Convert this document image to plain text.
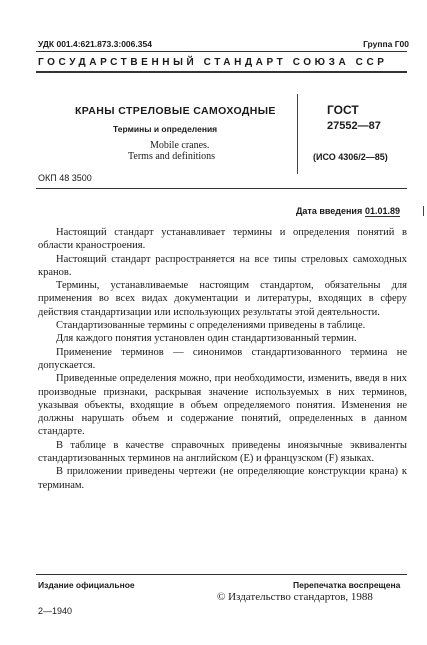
УДК 001.4:621.873.3:006.354	Группа Г00
ГОСУДАРСТВЕННЫЙ СТАНДАРТ СОЮЗА ССР
КРАНЫ СТРЕЛОВЫЕ САМОХОДНЫЕ
Термины и определения
Mobile cranes.
Terms and definitions
ГОСТ
27552—87
(ИСО 4306/2—85)
ОКП 48 3500
Дата введения 01.01.89

Настоящий стандарт устанавливает термины и определения понятий в области краностроения.

Настоящий стандарт распространяется на все типы стреловых самоходных кранов.

Термины, устанавливаемые настоящим стандартом, обязательны для применения во всех видах документации и литературы, входящих в сферу действия стандартизации или использующих результаты этой деятельности.

Стандартизованные термины с определениями приведены в таблице.

Для каждого понятия установлен один стандартизованный термин.

Применение терминов — синонимов стандартизованного термина не допускается.

Приведенные определения можно, при необходимости, изменить, введя в них производные признаки, раскрывая значение используемых в них терминов, указывая объекты, входящие в объем определяемого понятия. Изменения не должны нарушать объем и содержание понятий, определенных в данном стандарте.

В таблице в качестве справочных приведены иноязычные эквиваленты стандартизованных терминов на английском (E) и французском (F) языках.

В приложении приведены чертежи (не определяющие конструкции крана) к терминам.

Издание официальное	Перепечатка воспрещена
© Издательство стандартов, 1988
2—1940
